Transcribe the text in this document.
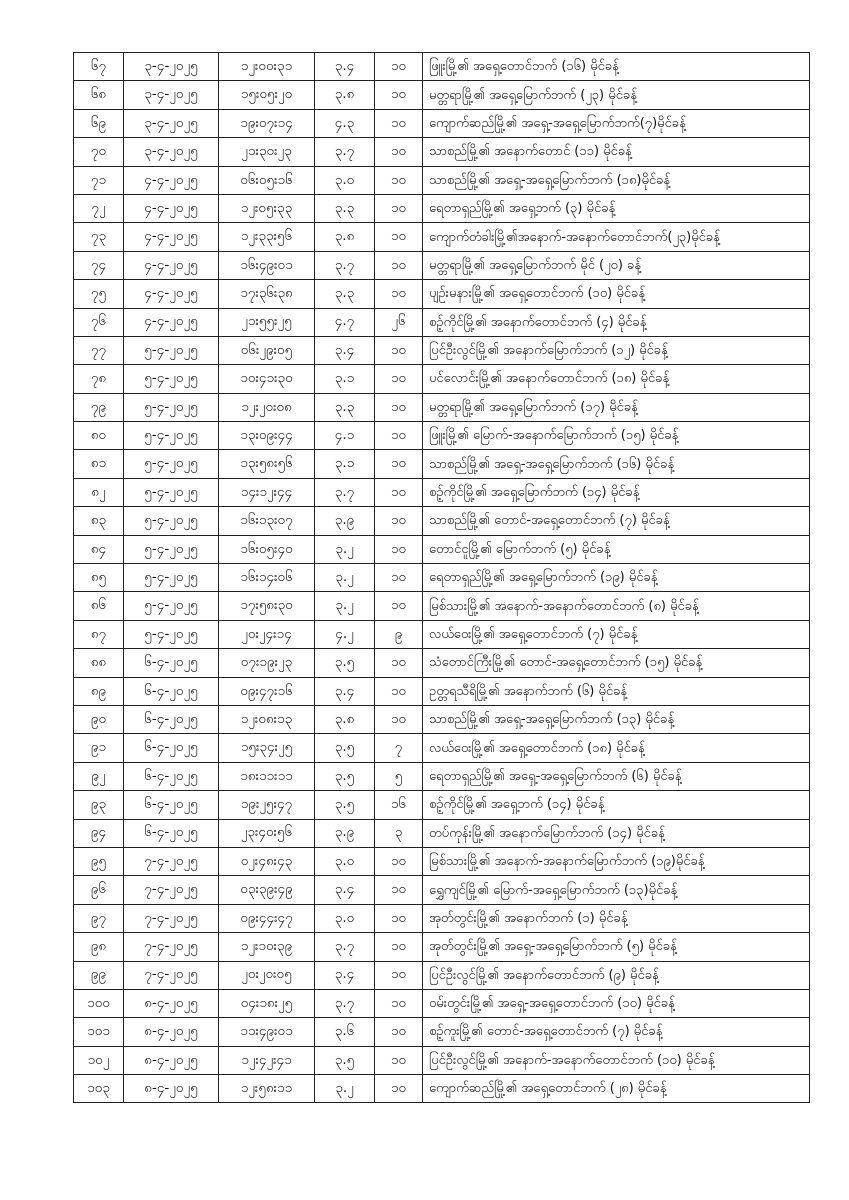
၆၇	၃-၄-၂၀၂၅	၁၂း၀၀း၃၁	၃.၄	၁၀	ဖြူးမြို့၏ အရှေ့တောင်ဘက် (၁၆) မိုင်ခန့်
၆၈	၃-၄-၂၀၂၅	၁၅း၀၅း၂၀	၃.၈	၁၀	မတ္တရာမြို့၏ အရှေ့မြောက်ဘက် (၂၃) မိုင်ခန့်
၆၉	၃-၄-၂၀၂၅	၁၉း၀၇း၁၄	၄.၃	၁၀	ကျောက်ဆည်မြို့၏ အရှေ့-အရှေ့မြောက်ဘက်(၇)မိုင်ခန့်
၇၀	၃-၄-၂၀၂၅	၂၁း၃၀း၂၃	၃.၇	၁၀	သာစည်မြို့၏ အနောက်တောင် (၁၁) မိုင်ခန့်
၇၁	၄-၄-၂၀၂၅	၀၆း၀၅း၁၆	၃.၀	၁၀	သာစည်မြို့၏ အရှေ့-အရှေ့မြောက်ဘက် (၁၈)မိုင်ခန့်
၇၂	၄-၄-၂၀၂၅	၁၂း၀၅း၃၃	၃.၃	၁၀	ရေတာရှည်မြို့၏ အရှေ့ဘက် (၃) မိုင်ခန့်
၇၃	၄-၄-၂၀၂၅	၁၂း၃၃း၅၆	၃.၈	၁၀	ကျောက်တံခါးမြို့၏အနောက်-အနောက်တောင်ဘက်(၂၃)မိုင်ခန့်
၇၄	၄-၄-၂၀၂၅	၁၆း၄၉း၀၁	၃.၇	၁၀	မတ္တရာမြို့၏ အရှေ့မြောက်ဘက် မိုင် (၂၀) ခန့်
၇၅	၄-၄-၂၀၂၅	၁၇း၃၆း၃၈	၃.၃	၁၀	ပျဉ်းမနားမြို့၏ အရှေ့တောင်ဘက် (၁၀) မိုင်ခန့်
၇၆	၄-၄-၂၀၂၅	၂၁း၅၅း၂၅	၄.၇	၂၆	စဉ့်ကိုင်မြို့၏ အနောက်တောင်ဘက် (၄) မိုင်ခန့်
၇၇	၅-၄-၂၀၂၅	၀၆း၂၉း၀၅	၃.၄	၁၀	ပြင်ဦးလွင်မြို့၏ အနောက်မြောက်ဘက် (၁၂) မိုင်ခန့်
၇၈	၅-၄-၂၀၂၅	၁၀း၄၁း၃၀	၃.၁	၁၀	ပင်လောင်းမြို့၏ အနောက်တောင်ဘက် (၁၈) မိုင်ခန့်
၇၉	၅-၄-၂၀၂၅	၁၂း၂၀း၀၈	၃.၃	၁၀	မတ္တရာမြို့၏ အရှေ့မြောက်ဘက် (၁၇) မိုင်ခန့်
၈၀	၅-၄-၂၀၂၅	၁၃း၀၉း၄၄	၄.၁	၁၀	ဖြူးမြို့၏ မြောက်-အနောက်မြောက်ဘက် (၁၅) မိုင်ခန့်
၈၁	၅-၄-၂၀၂၅	၁၃း၅၈း၅၆	၃.၁	၁၀	သာစည်မြို့၏ အရှေ့-အရှေ့မြောက်ဘက် (၁၆) မိုင်ခန့်
၈၂	၅-၄-၂၀၂၅	၁၄း၁၂း၄၄	၃.၇	၁၀	စဉ့်ကိုင်မြို့၏ အရှေ့မြောက်ဘက် (၁၄) မိုင်ခန့်
၈၃	၅-၄-၂၀၂၅	၁၆း၁၃း၀၇	၃.၉	၁၀	သာစည်မြို့၏ တောင်-အရှေ့တောင်ဘက် (၇) မိုင်ခန့်
၈၄	၅-၄-၂၀၂၅	၁၆း၀၅း၄၀	၃.၂	၁၀	တောင်ငူမြို့၏ မြောက်ဘက် (၅) မိုင်ခန့်
၈၅	၅-၄-၂၀၂၅	၁၆း၁၄း၀၆	၃.၂	၁၀	ရေတာရှည်မြို့၏ အရှေ့မြောက်ဘက် (၁၉) မိုင်ခန့်
၈၆	၅-၄-၂၀၂၅	၁၇း၅၈း၃၀	၃.၂	၁၀	မြစ်သားမြို့၏ အနောက်-အနောက်တောင်ဘက် (၈) မိုင်ခန့်
၈၇	၅-၄-၂၀၂၅	၂၀း၂၄း၁၄	၄.၂	၉	လယ်ဝေးမြို့၏ အရှေ့တောင်ဘက် (၇) မိုင်ခန့်
၈၈	၆-၄-၂၀၂၅	၀၇း၁၉း၂၃	၃.၅	၁၀	သံတောင်ကြီးမြို့၏ တောင်-အရှေ့တောင်ဘက် (၁၅) မိုင်ခန့်
၈၉	၆-၄-၂၀၂၅	၀၉း၄၇း၁၆	၃.၄	၁၀	ဥတ္တရသီရိမြို့၏ အနောက်ဘက် (၆) မိုင်ခန့်
၉၀	၆-၄-၂၀၂၅	၁၂း၀၈း၁၃	၃.၈	၁၀	သာစည်မြို့၏ အရှေ့-အရှေ့မြောက်ဘက် (၁၃) မိုင်ခန့်
၉၁	၆-၄-၂၀၂၅	၁၅း၃၄း၂၅	၃.၅	၇	လယ်ဝေးမြို့၏ အရှေ့တောင်ဘက် (၁၈) မိုင်ခန့်
၉၂	၆-၄-၂၀၂၅	၁၈း၁၁း၁၁	၃.၅	၅	ရေတာရှည်မြို့၏ အရှေ့-အရှေ့မြောက်ဘက် (၆) မိုင်ခန့်
၉၃	၆-၄-၂၀၂၅	၁၉း၂၅း၄၇	၃.၅	၁၆	စဉ့်ကိုင်မြို့၏ အရှေ့ဘက် (၁၄) မိုင်ခန့်
၉၄	၆-၄-၂၀၂၅	၂၃း၄၀း၅၆	၃.၉	၃	တပ်ကုန်းမြို့၏ အနောက်မြောက်ဘက် (၁၄) မိုင်ခန့်
၉၅	၇-၄-၂၀၂၅	၀၂း၄၈း၄၃	၃.၀	၁၀	မြစ်သားမြို့၏ အနောက်-အနောက်မြောက်ဘက် (၁၉)မိုင်ခန့်
၉၆	၇-၄-၂၀၂၅	၀၃း၃၉း၄၉	၃.၄	၁၀	ရွှေကျင်မြို့၏ မြောက်-အရှေ့မြောက်ဘက် (၁၃)မိုင်ခန့်
၉၇	၇-၄-၂၀၂၅	၀၉း၄၄း၄၇	၃.၀	၁၀	အုတ်တွင်းမြို့၏ အနောက်ဘက် (၁) မိုင်ခန့်
၉၈	၇-၄-၂၀၂၅	၁၂း၁၀း၃၉	၃.၇	၁၀	အုတ်တွင်းမြို့၏ အရှေ့-အရှေ့မြောက်ဘက် (၅) မိုင်ခန့်
၉၉	၇-၄-၂၀၂၅	၂၀း၂၀း၀၅	၃.၄	၁၀	ပြင်ဦးလွင်မြို့၏ အနောက်တောင်ဘက် (၉) မိုင်ခန့်
၁၀၀	၈-၄-၂၀၂၅	၀၄း၁၈း၂၅	၃.၇	၁၀	ဝမ်းတွင်းမြို့၏ အရှေ့-အရှေ့တောင်ဘက် (၁၀) မိုင်ခန့်
၁၀၁	၈-၄-၂၀၂၅	၁၁း၄၉း၀၁	၃.၆	၁၀	စဉ့်ကူးမြို့၏ တောင်-အရှေ့တောင်ဘက် (၇) မိုင်ခန့်
၁၀၂	၈-၄-၂၀၂၅	၁၂း၄၂း၄၁	၃.၅	၁၀	ပြင်ဦးလွင်မြို့၏ အနောက်-အနောက်တောင်ဘက် (၁၀) မိုင်ခန့်
၁၀၃	၈-၄-၂၀၂၅	၁၂း၅၈း၁၁	၃.၂	၁၀	ကျောက်ဆည်မြို့၏ အရှေ့တောင်ဘက် (၂၈) မိုင်ခန့်
